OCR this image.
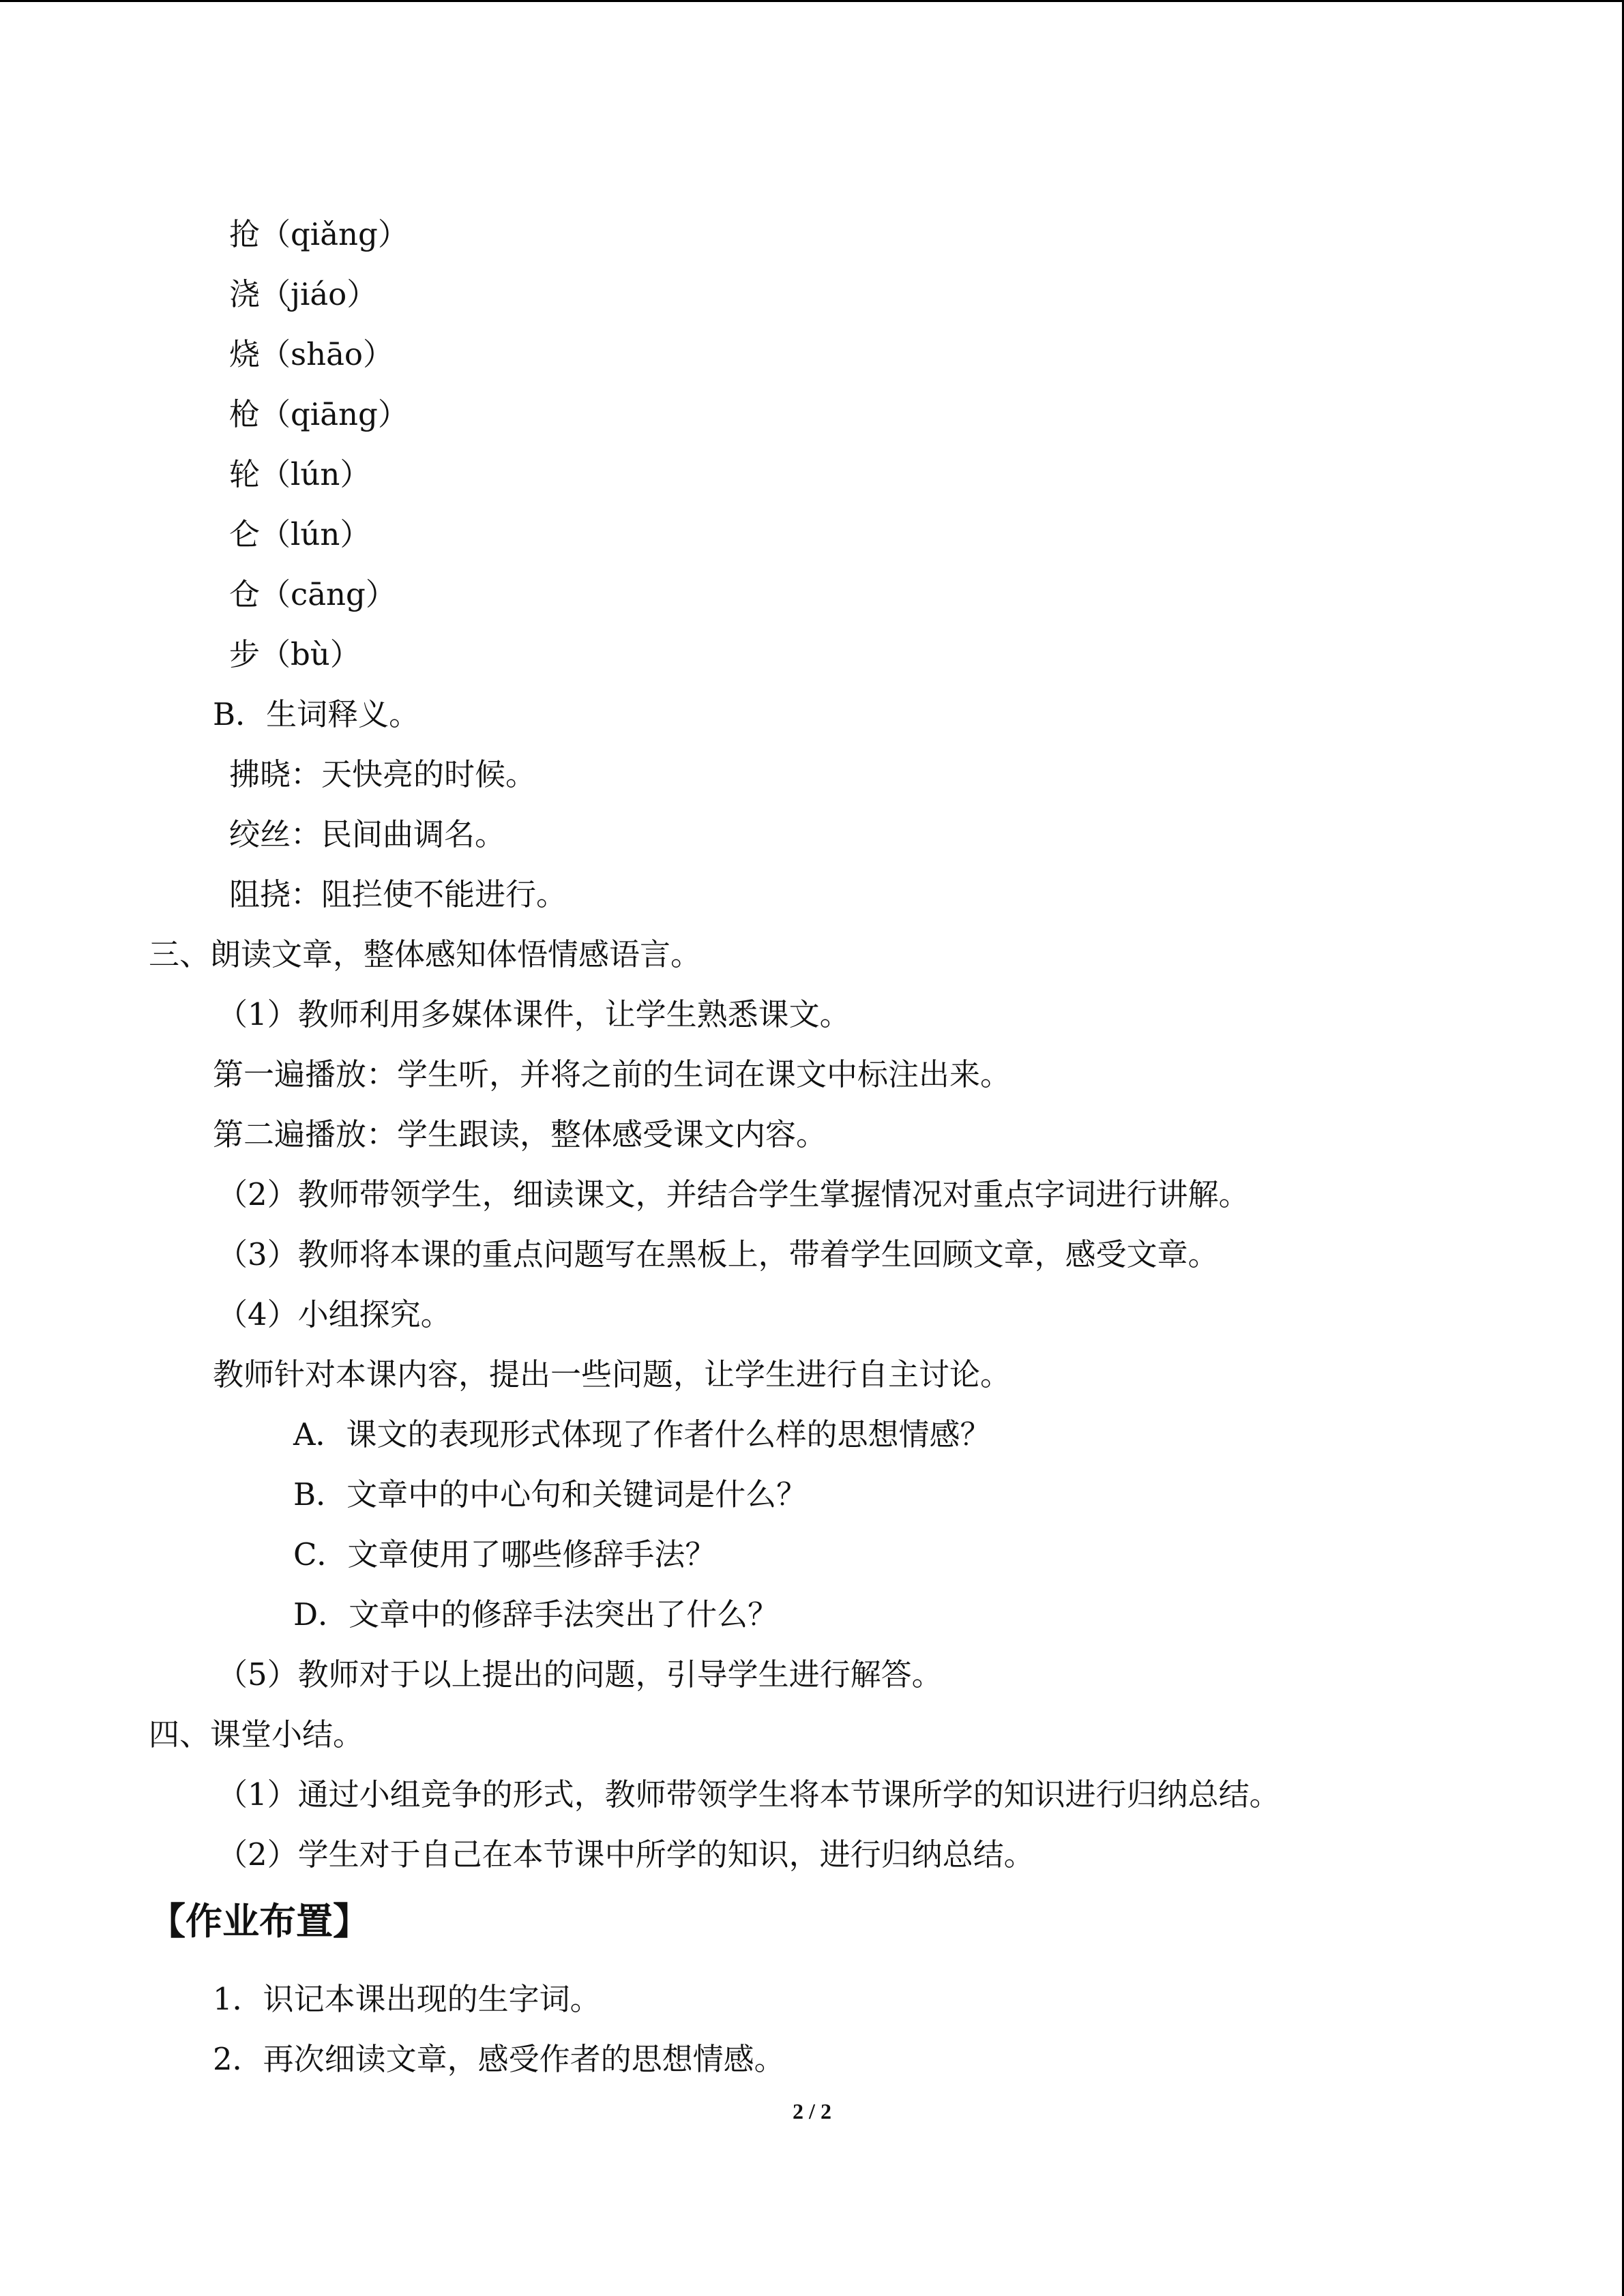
抢（qiǎng）

浇（jiáo）

烧（shāo）

枪（qiāng）

轮（lún）

仑（lún）

仓（cāng）

步（bù）

B．生词释义。

拂晓：天快亮的时候。

绞丝：民间曲调名。

阻挠：阻拦使不能进行。

三、朗读文章，整体感知体悟情感语言。

（1）教师利用多媒体课件，让学生熟悉课文。

第一遍播放：学生听，并将之前的生词在课文中标注出来。

第二遍播放：学生跟读，整体感受课文内容。

（2）教师带领学生，细读课文，并结合学生掌握情况对重点字词进行讲解。

（3）教师将本课的重点问题写在黑板上，带着学生回顾文章，感受文章。

（4）小组探究。

教师针对本课内容，提出一些问题，让学生进行自主讨论。

A．课文的表现形式体现了作者什么样的思想情感？

B．文章中的中心句和关键词是什么？

C．文章使用了哪些修辞手法？

D．文章中的修辞手法突出了什么？

（5）教师对于以上提出的问题，引导学生进行解答。

四、课堂小结。

（1）通过小组竞争的形式，教师带领学生将本节课所学的知识进行归纳总结。

（2）学生对于自己在本节课中所学的知识，进行归纳总结。

【作业布置】

1．识记本课出现的生字词。

2．再次细读文章，感受作者的思想情感。

2 / 2
